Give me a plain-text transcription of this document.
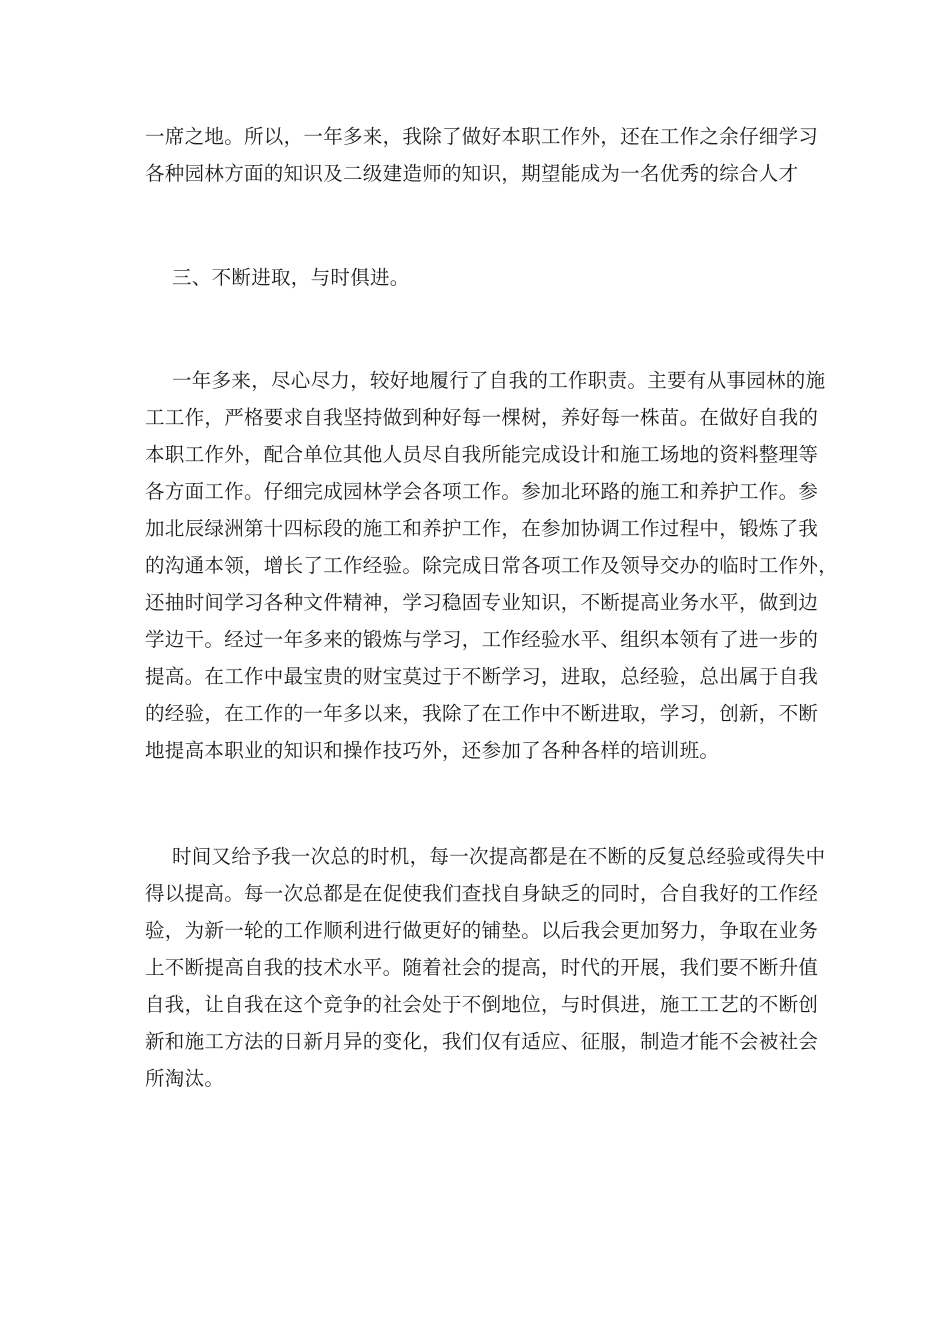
一席之地。所以，一年多来，我除了做好本职工作外，还在工作之余仔细学习
各种园林方面的知识及二级建造师的知识，期望能成为一名优秀的综合人才
三、不断进取，与时俱进。
一年多来，尽心尽力，较好地履行了自我的工作职责。主要有从事园林的施
工工作，严格要求自我坚持做到种好每一棵树，养好每一株苗。在做好自我的
本职工作外，配合单位其他人员尽自我所能完成设计和施工场地的资料整理等
各方面工作。仔细完成园林学会各项工作。参加北环路的施工和养护工作。参
加北辰绿洲第十四标段的施工和养护工作，在参加协调工作过程中，锻炼了我
的沟通本领，增长了工作经验。除完成日常各项工作及领导交办的临时工作外，
还抽时间学习各种文件精神，学习稳固专业知识，不断提高业务水平，做到边
学边干。经过一年多来的锻炼与学习，工作经验水平、组织本领有了进一步的
提高。在工作中最宝贵的财宝莫过于不断学习，进取，总经验，总出属于自我
的经验，在工作的一年多以来，我除了在工作中不断进取，学习，创新，不断
地提高本职业的知识和操作技巧外，还参加了各种各样的培训班。
时间又给予我一次总的时机，每一次提高都是在不断的反复总经验或得失中
得以提高。每一次总都是在促使我们查找自身缺乏的同时，合自我好的工作经
验，为新一轮的工作顺利进行做更好的铺垫。以后我会更加努力，争取在业务
上不断提高自我的技术水平。随着社会的提高，时代的开展，我们要不断升值
自我，让自我在这个竞争的社会处于不倒地位，与时俱进，施工工艺的不断创
新和施工方法的日新月异的变化，我们仅有适应、征服，制造才能不会被社会
所淘汰。
